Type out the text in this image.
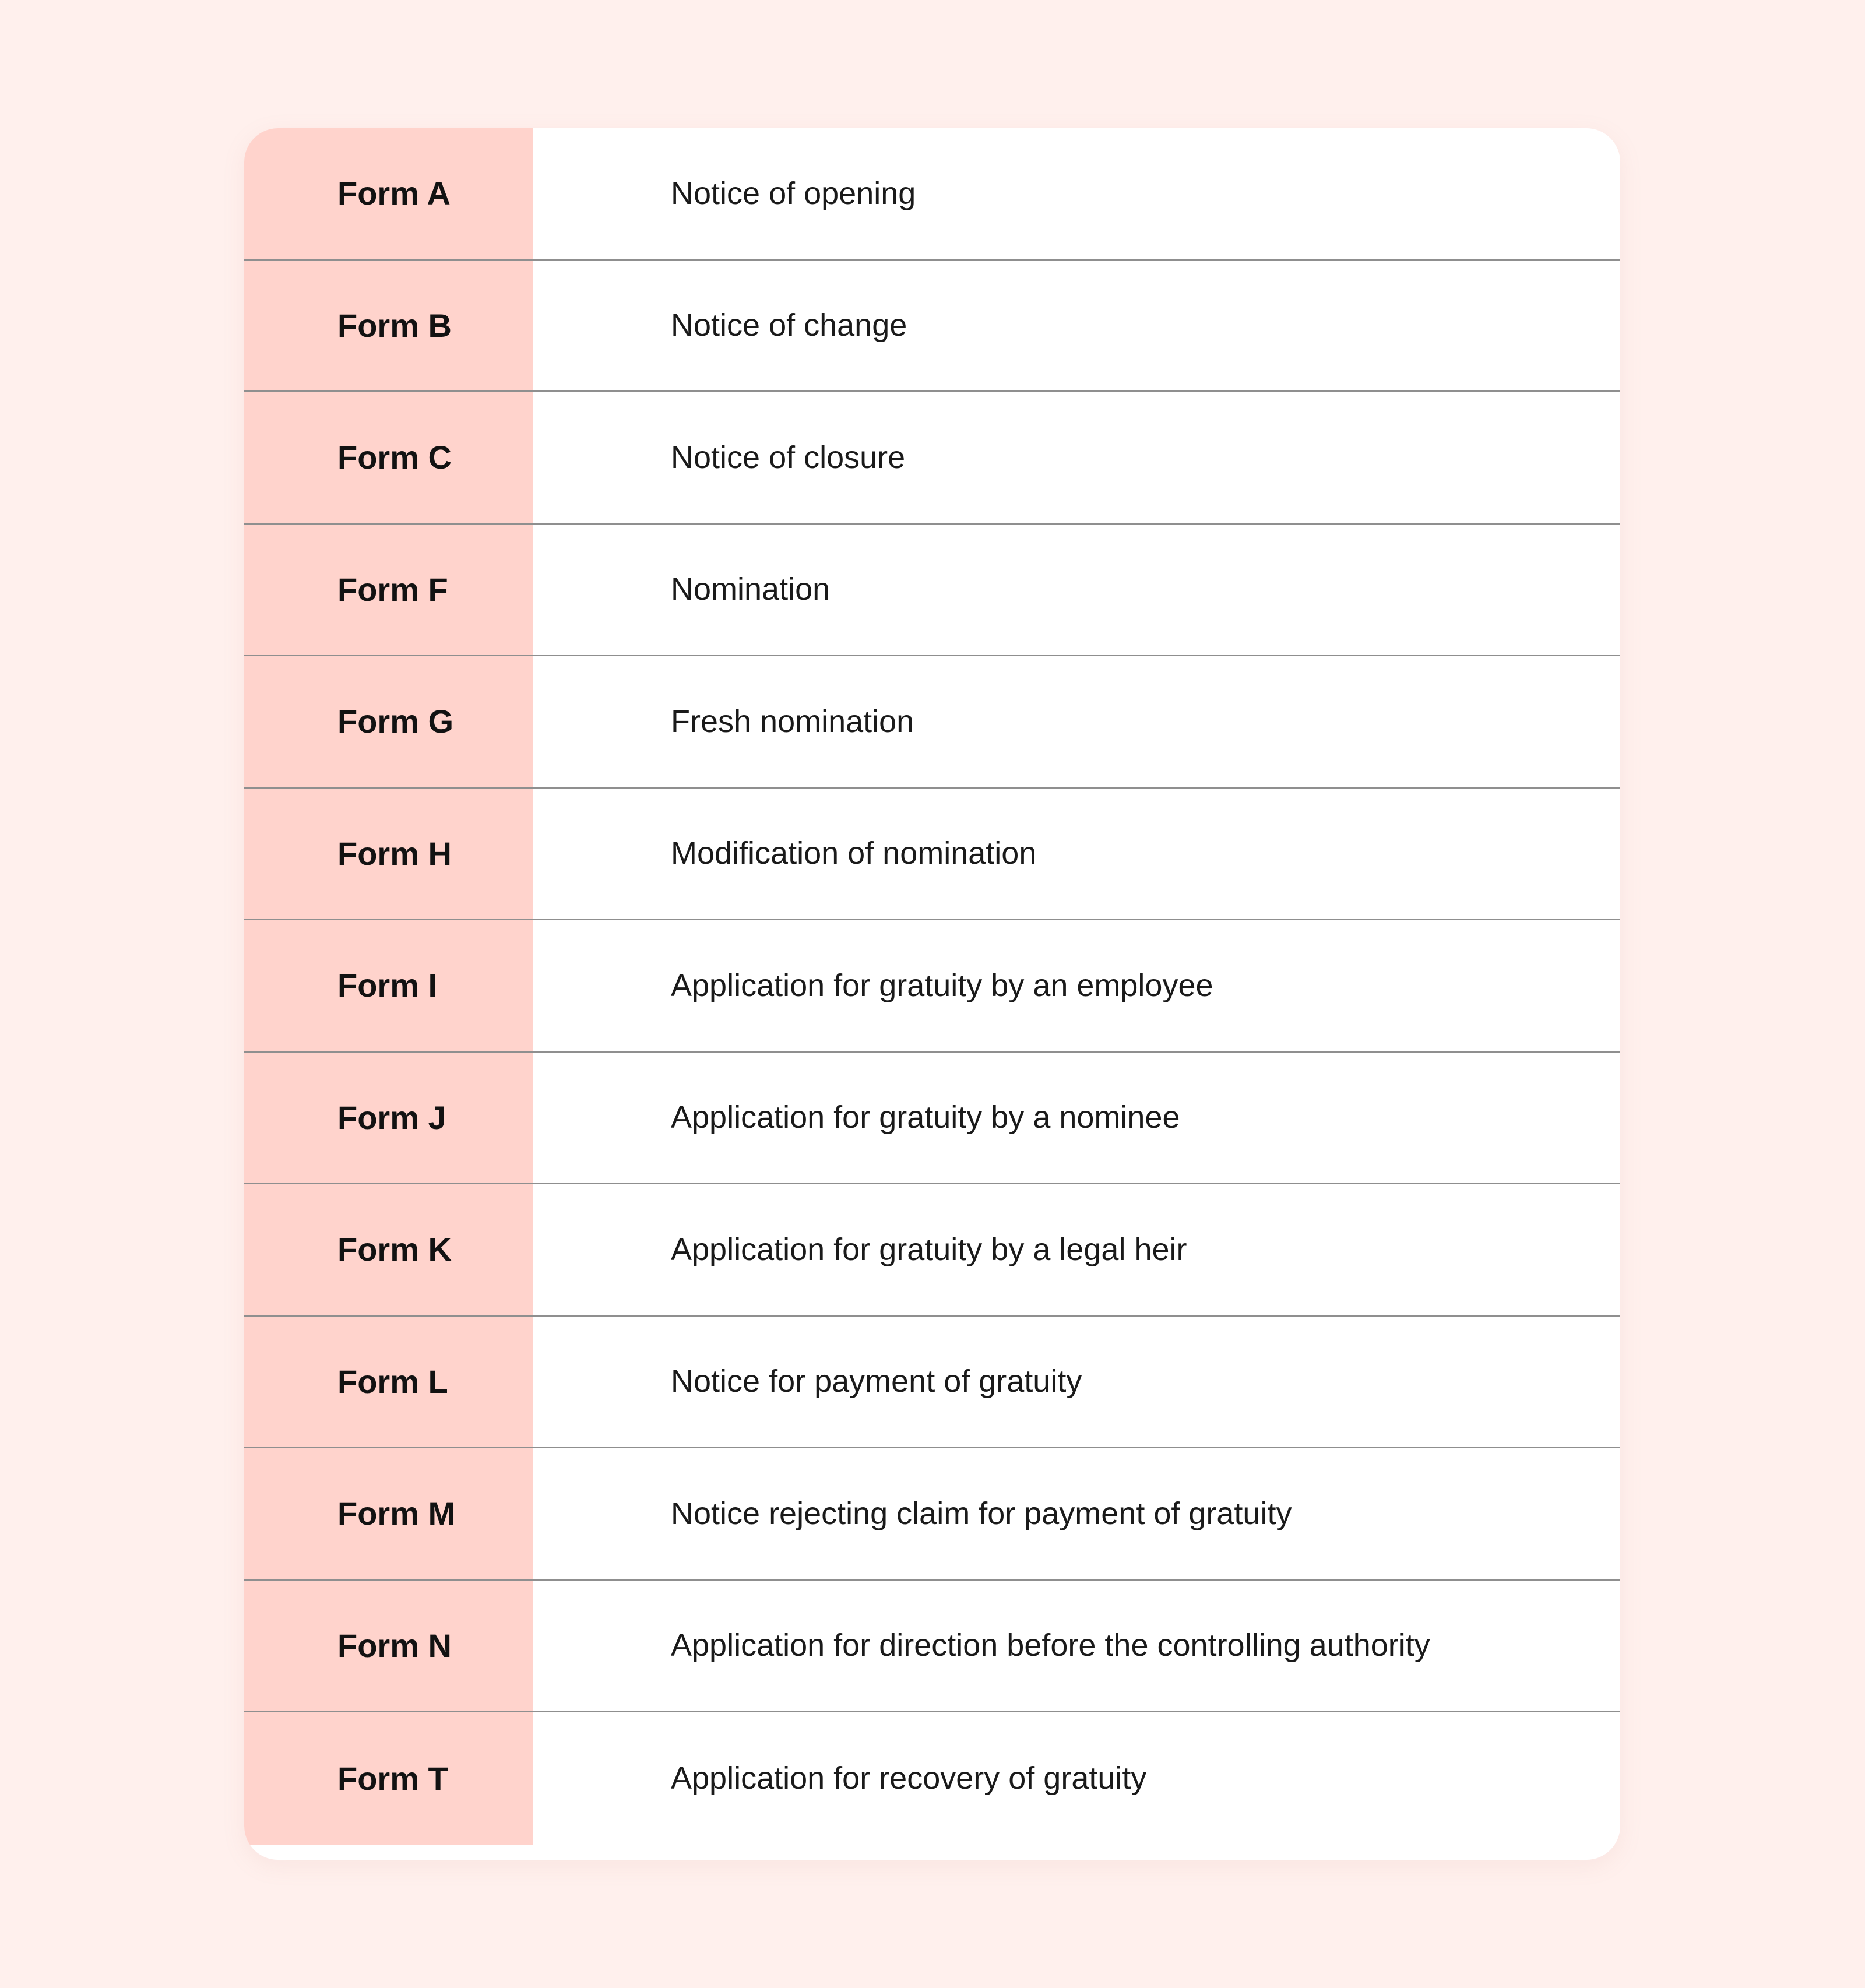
Form A	Notice of opening
Form B	Notice of change
Form C	Notice of closure
Form F	Nomination
Form G	Fresh nomination
Form H	Modification of nomination
Form I	Application for gratuity by an employee
Form J	Application for gratuity by a nominee
Form K	Application for gratuity by a legal heir
Form L	Notice for payment of gratuity
Form M	Notice rejecting claim for payment of gratuity
Form N	Application for direction before the controlling authority
Form T	Application for recovery of gratuity
